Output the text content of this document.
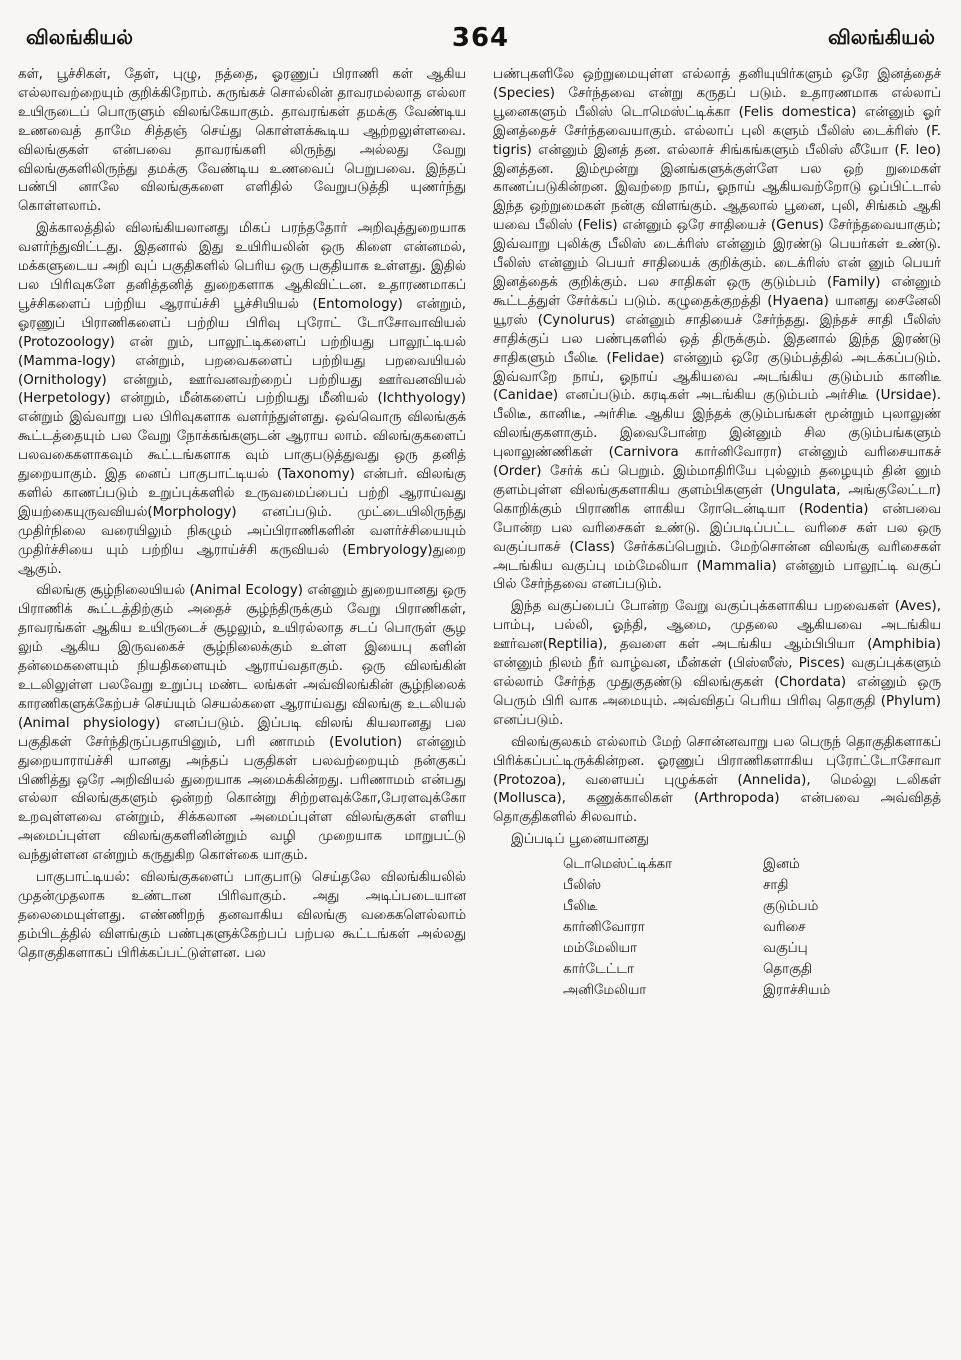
விலங்கியல்	364	விலங்கியல்

கள், பூச்சிகள், தேள், புழு, நத்தை, ஓரணுப் பிராணி கள் ஆகிய எல்லாவற்றையும் குறிக்கிறோம். சுருங்கச் சொல்லின் தாவரமல்லாத எல்லா உயிருடைப் பொருளும் விலங்கேயாகும். தாவரங்கள் தமக்கு வேண்டிய உணவைத் தாமே சித்தஞ் செய்து கொள்ளக்கூடிய ஆற்றலுள்ளவை. விலங்குகள் என்பவை தாவரங்களி லிருந்து அல்லது வேறு விலங்குகளிலிருந்து தமக்கு வேண்டிய உணவைப் பெறுபவை. இந்தப் பண்பி னாலே விலங்குகளை எளிதில் வேறுபடுத்தி யுணர்ந்து கொள்ளலாம்.

இக்காலத்தில் விலங்கியலானது மிகப் பரந்ததோர் அறிவுத்துறையாக வளர்ந்துவிட்டது. இதனால் இது உயிரியலின் ஒரு கிளை என்னமல், மக்களுடைய அறி வுப் பகுதிகளில் பெரிய ஒரு பகுதியாக உள்ளது. இதில் பல பிரிவுகளே தனித்தனித் துறைகளாக ஆகிவிட்டன. உதாரணமாகப் பூச்சிகளைப் பற்றிய ஆராய்ச்சி பூச்சியியல் (Entomology) என்றும், ஓரணுப் பிராணிகளைப் பற்றிய பிரிவு புரோட் டோசோவாவியல் (Protozoology) என் றும், பாலூட்டிகளைப் பற்றியது பாலூட்டியல் (Mamma-logy) என்றும், பறவைகளைப் பற்றியது பறவையியல் (Ornithology) என்றும், ஊர்வனவற்றைப் பற்றியது ஊர்வனவியல் (Herpetology) என்றும், மீன்களைப் பற்றியது மீனியல் (Ichthyology) என்றும் இவ்வாறு பல பிரிவுகளாக வளர்ந்துள்ளது. ஒவ்வொரு விலங்குக் கூட்டத்தையும் பல வேறு நோக்கங்களுடன் ஆராய லாம். விலங்குகளைப் பலவகைகளாகவும் கூட்டங்களாக வும் பாகுபடுத்துவது ஒரு தனித் துறையாகும். இத னைப் பாகுபாட்டியல் (Taxonomy) என்பர். விலங்கு களில் காணப்படும் உறுப்புக்களில் உருவமைப்பைப் பற்றி ஆராய்வது இயற்கையுருவவியல்(Morphology) எனப்படும். முட்டையிலிருந்து முதிர்நிலை வரையிலும் நிகழும் அப்பிராணிகளின் வளர்ச்சியையும் முதிர்ச்சியை யும் பற்றிய ஆராய்ச்சி கருவியல் (Embryology)துறை ஆகும்.

விலங்கு சூழ்நிலையியல் (Animal Ecology) என்னும் துறையானது ஒரு பிராணிக் கூட்டத்திற்கும் அதைச் சூழ்ந்திருக்கும் வேறு பிராணிகள், தாவரங்கள் ஆகிய உயிருடைச் சூழலும், உயிரல்லாத சடப் பொருள் சூழ லும் ஆகிய இருவகைச் சூழ்நிலைக்கும் உள்ள இயைபு களின் தன்மைகளையும் நியதிகளையும் ஆராய்வதாகும். ஒரு விலங்கின் உடலிலுள்ள பலவேறு உறுப்பு மண்ட லங்கள் அவ்விலங்கின் சூழ்நிலைக் காரணிகளுக்கேற்பச் செய்யும் செயல்களை ஆராய்வது விலங்கு உடலியல் (Animal physiology) எனப்படும். இப்படி விலங் கியலானது பல பகுதிகள் சேர்ந்திருப்பதாயினும், பரி ணாமம் (Evolution) என்னும் துறையாராய்ச்சி யானது அந்தப் பகுதிகள் பலவற்றையும் நன்குகப் பிணித்து ஒரே அறிவியல் துறையாக அமைக்கின்றது. பரிணாமம் என்பது எல்லா விலங்குகளும் ஒன்றற் கொன்று சிற்றளவுக்கோ,பேரளவுக்கோ உறவுள்ளவை என்றும், சிக்கலான அமைப்புள்ள விலங்குகள் எளிய அமைப்புள்ள விலங்குகளினின்றும் வழி முறையாக மாறுபட்டு வந்துள்ளன என்றும் கருதுகிற கொள்கை யாகும்.

பாகுபாட்டியல்: விலங்குகளைப் பாகுபாடு செய்தலே விலங்கியலில் முதன்முதலாக உண்டான பிரிவாகும். அது அடிப்படையான தலைமையுள்ளது. எண்ணிறந் தனவாகிய விலங்கு வகைகளெல்லாம் தம்பிடத்தில் விளங்கும் பண்புகளுக்கேற்பப் பற்பல கூட்டங்கள் அல்லது தொகுதிகளாகப் பிரிக்கப்பட்டுள்ளன. பல

பண்புகளிலே ஒற்றுமையுள்ள எல்லாத் தனியுயிர்களும் ஒரே இனத்தைச் (Species) சேர்ந்தவை என்று கருதப் படும். உதாரணமாக எல்லாப் பூனைகளும் பீலிஸ் டொமெஸ்ட்டிக்கா (Felis domestica) என்னும் ஓர் இனத்தைச் சேர்ந்தவையாகும். எல்லாப் புலி களும் பீலிஸ் டைக்ரிஸ் (F. tigris) என்னும் இனத் தன. எல்லாச் சிங்கங்களும் பீலிஸ் லீயோ (F. leo) இனத்தன. இம்மூன்று இனங்களுக்குள்ளே பல ஒற் றுமைகள் காணப்படுகின்றன. இவற்றை நாய், ஓநாய் ஆகியவற்றோடு ஒப்பிட்டால் இந்த ஒற்றுமைகள் நன்கு விளங்கும். ஆதலால் பூனை, புலி, சிங்கம் ஆகி யவை பீலிஸ் (Felis) என்னும் ஒரே சாதியைச் (Genus) சேர்ந்தவையாகும்; இவ்வாறு புலிக்கு பீலிஸ் டைக்ரிஸ் என்னும் இரண்டு பெயர்கள் உண்டு. பீலிஸ் என்னும் பெயர் சாதியைக் குறிக்கும். டைக்ரிஸ் என் னும் பெயர் இனத்தைக் குறிக்கும். பல சாதிகள் ஒரு குடும்பம் (Family) என்னும் கூட்டத்துள் சேர்க்கப் படும். கழுதைக்குறத்தி (Hyaena) யானது சைனேலி யூரஸ் (Cynolurus) என்னும் சாதியைச் சேர்ந்தது. இந்தச் சாதி பீலிஸ் சாதிக்குப் பல பண்புகளில் ஒத் திருக்கும். இதனால் இந்த இரண்டு சாதிகளும் பீலிடீ (Felidae) என்னும் ஒரே குடும்பத்தில் அடக்கப்படும். இவ்வாறே நாய், ஓநாய் ஆகியவை அடங்கிய குடும்பம் கானிடீ (Canidae) எனப்படும். கரடிகள் அடங்கிய குடும்பம் அர்சிடீ (Ursidae). பீலிடீ, கானிடீ, அர்சிடீ ஆகிய இந்தக் குடும்பங்கள் மூன்றும் புலாலுண் விலங்குகளாகும். இவைபோன்ற இன்னும் சில குடும்பங்களும் புலாலுண்ணிகள் (Carnivora கார்னிவோரா) என்னும் வரிசையாகச் (Order) சேர்க் கப் பெறும். இம்மாதிரியே புல்லும் தழையும் தின் னும் குளம்புள்ள விலங்குகளாகிய குளம்பிகளுள் (Ungulata, அங்குலேட்டா) கொறிக்கும் பிராணிக ளாகிய ரோடென்டியா (Rodentia) என்பவை போன்ற பல வரிசைகள் உண்டு. இப்படிப்பட்ட வரிசை கள் பல ஒரு வகுப்பாகச் (Class) சேர்க்கப்பெறும். மேற்சொன்ன விலங்கு வரிசைகள் அடங்கிய வகுப்பு மம்மேலியா (Mammalia) என்னும் பாலூட்டி வகுப் பில் சேர்ந்தவை எனப்படும்.

இந்த வகுப்பைப் போன்ற வேறு வகுப்புக்களாகிய பறவைகள் (Aves), பாம்பு, பல்லி, ஓந்தி, ஆமை, முதலை ஆகியவை அடங்கிய ஊர்வன(Reptilia), தவளை கள் அடங்கிய ஆம்பிபியா (Amphibia) என்னும் நிலம் நீர் வாழ்வன, மீன்கள் (பிஸ்ஸீஸ், Pisces) வகுப்புக்களும் எல்லாம் சேர்ந்த முதுகுதண்டு விலங்குகள் (Chordata) என்னும் ஒரு பெரும் பிரி வாக அமையும். அவ்விதப் பெரிய பிரிவு தொகுதி (Phylum) எனப்படும்.

விலங்குலகம் எல்லாம் மேற் சொன்னவாறு பல பெருந் தொகுதிகளாகப் பிரிக்கப்பட்டிருக்கின்றன. ஓரணுப் பிராணிகளாகிய புரோட்டோசோவா (Protozoa), வளையப் புழுக்கள் (Annelida), மெல்லு டலிகள் (Mollusca), கணுக்காலிகள் (Arthropoda) என்பவை அவ்விதத் தொகுதிகளில் சிலவாம்.

இப்படிப் பூனையானது

டொமெஸ்ட்டிக்கா	இனம்
பீலிஸ்	சாதி
பீலிடீ	குடும்பம்
கார்னிவோரா	வரிசை
மம்மேலியா	வகுப்பு
கார்டேட்டா	தொகுதி
அனிமேலியா	இராச்சியம்
